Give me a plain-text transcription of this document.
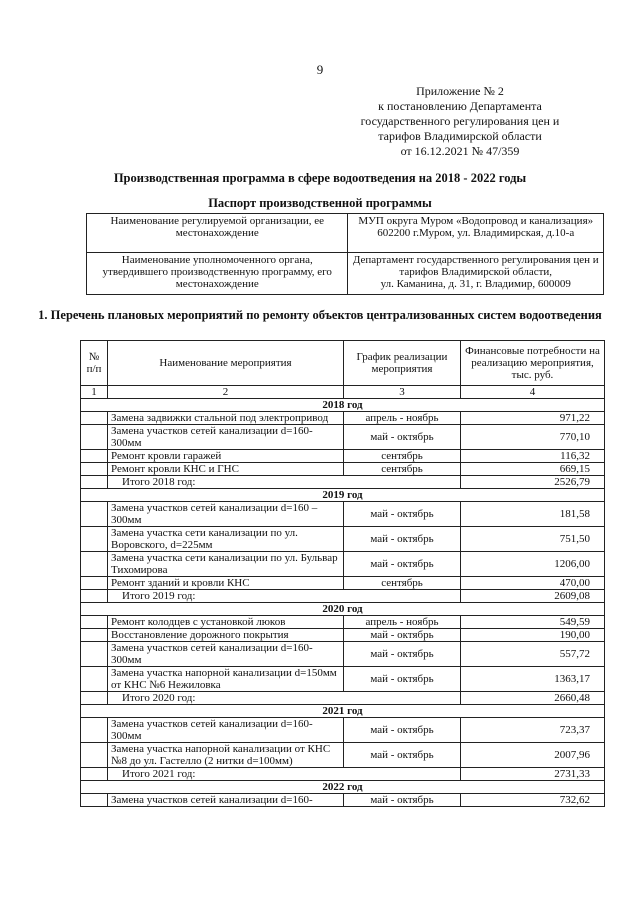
9
Приложение № 2
к постановлению Департамента
государственного регулирования цен и
тарифов Владимирской области
от 16.12.2021 № 47/359
Производственная программа в сфере водоотведения на 2018 - 2022 годы
Паспорт производственной программы
Наименование регулируемой организации, ее местонахождение	МУП округа Муром «Водопровод и канализация»
602200 г.Муром, ул. Владимирская, д.10-а

Наименование уполномоченного органа, утвердившего производственную программу, его местонахождение	Департамент государственного регулирования цен и тарифов Владимирской области,
ул. Каманина, д. 31, г. Владимир, 600009
1. Перечень плановых мероприятий по ремонту объектов централизованных систем водоотведения
№ п/п	Наименование мероприятия	График реализации мероприятия	Финансовые потребности на реализацию мероприятия, тыс. руб.
1	2	3	4
2018 год			
	Замена задвижки стальной под электропривод	апрель - ноябрь	971,22
	Замена участков сетей канализации d=160-300мм	май - октябрь	770,10
	Ремонт кровли гаражей	сентябрь	116,32
	Ремонт кровли КНС и ГНС	сентябрь	669,15
	Итого 2018 год:		2526,79
2019 год			
	Замена участков сетей канализации d=160 – 300мм	май - октябрь	181,58
	Замена участка сети канализации по ул. Воровского, d=225мм	май - октябрь	751,50
	Замена участка сети канализации по ул. Бульвар Тихомирова	май - октябрь	1206,00
	Ремонт зданий и кровли КНС	сентябрь	470,00
	Итого 2019 год:		2609,08
2020 год			
	Ремонт колодцев с установкой люков	апрель - ноябрь	549,59
	Восстановление дорожного покрытия	май - октябрь	190,00
	Замена участков сетей канализации d=160-300мм	май - октябрь	557,72
	Замена участка напорной канализации d=150мм от КНС №6 Нежиловка	май - октябрь	1363,17
	Итого 2020 год:		2660,48
2021 год			
	Замена участков сетей канализации d=160-300мм	май - октябрь	723,37
	Замена участка напорной канализации от КНС №8 до ул. Гастелло (2 нитки d=100мм)	май - октябрь	2007,96
	Итого 2021 год:		2731,33
2022 год			
	Замена участков сетей канализации d=160-	май - октябрь	732,62
